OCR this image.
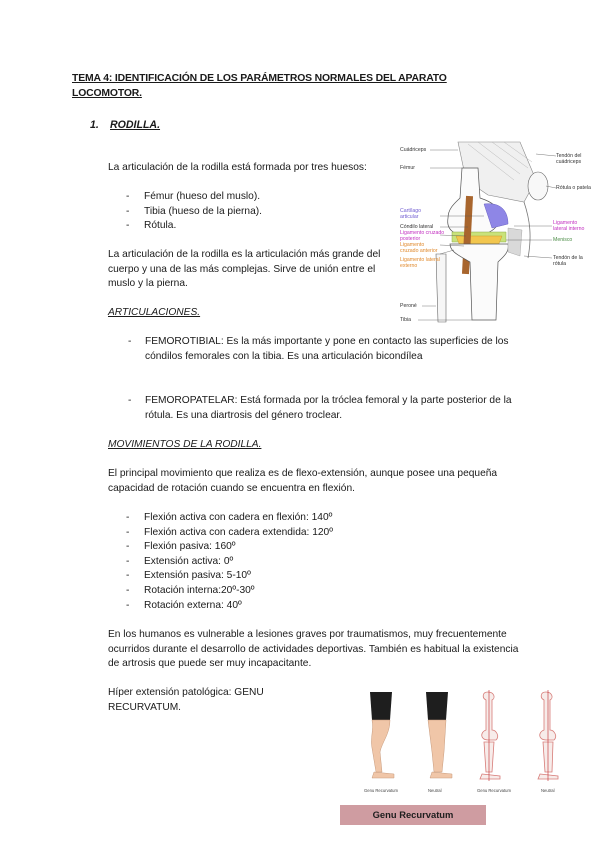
TEMA 4: IDENTIFICACIÓN DE LOS PARÁMETROS NORMALES DEL APARATO LOCOMOTOR.
1. RODILLA.
La articulación de la rodilla está formada por tres huesos:
- Fémur (hueso del muslo).
- Tibia (hueso de la pierna).
- Rótula.
La articulación de la rodilla es la articulación más grande del cuerpo y una de las más complejas. Sirve de unión entre el muslo y la pierna.
ARTICULACIONES.
-	FEMOROTIBIAL: Es la más importante y pone en contacto las superficies de los cóndilos femorales con la tibia. Es una articulación bicondílea
-	FEMOROPATELAR: Está formada por la tróclea femoral y la parte posterior de la rótula. Es una diartrosis del género troclear.
MOVIMIENTOS DE LA RODILLA.
El principal movimiento que realiza es de flexo-extensión, aunque posee una pequeña capacidad de rotación cuando se encuentra en flexión.
- Flexión activa con cadera en flexión: 140º
- Flexión activa con cadera extendida: 120º
- Flexión pasiva: 160º
- Extensión activa: 0º
- Extensión pasiva: 5-10º
- Rotación interna:20º-30º
- Rotación externa: 40º
En los humanos es vulnerable a lesiones graves por traumatismos, muy frecuentemente ocurridos durante el desarrollo de actividades deportivas. También es habitual la existencia de artrosis que puede ser muy incapacitante.
Híper extensión patológica: GENU RECURVATUM.
Cuádriceps
Fémur
Cartílago articular
Cóndilo lateral
Ligamento cruzado posterior
Ligamento cruzado anterior
Ligamento lateral externo
Peroné
Tibia
Tendón del cuádriceps
Rótula o patela
Ligamento lateral interno
Menisco
Tendón de la rótula
Genu Recurvatum	Neutral	Genu Recurvatum	Neutral
Genu Recurvatum
